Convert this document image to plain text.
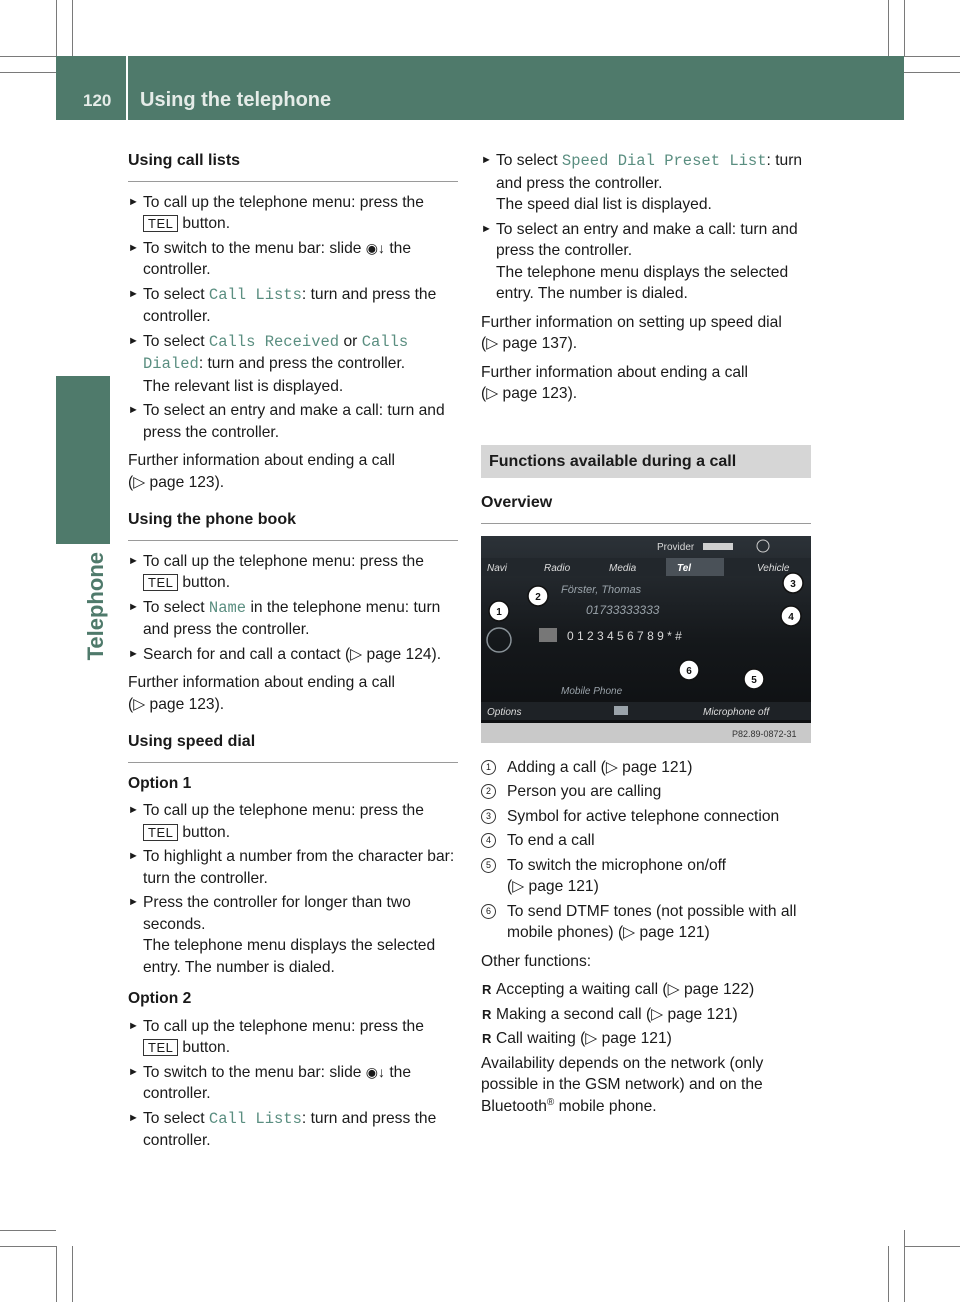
120 Using the telephone
Telephone
Using call lists
► To call up the telephone menu: press the
TEL button.
► To switch to the menu bar: slide ◉↓ the controller.
► To select Call Lists: turn and press the controller.
► To select Calls Received or Calls Dialed: turn and press the controller.
The relevant list is displayed.
► To select an entry and make a call: turn and press the controller.
Further information about ending a call
(▷ page 123).
Using the phone book
► To call up the telephone menu: press the
TEL button.
► To select Name in the telephone menu: turn and press the controller.
► Search for and call a contact (▷ page 124).
Further information about ending a call
(▷ page 123).
Using speed dial
Option 1
► To call up the telephone menu: press the
TEL button.
► To highlight a number from the character bar: turn the controller.
► Press the controller for longer than two seconds.
The telephone menu displays the selected entry. The number is dialed.
Option 2
► To call up the telephone menu: press the
TEL button.
► To switch to the menu bar: slide ◉↓ the controller.
► To select Call Lists: turn and press the controller.
► To select Speed Dial Preset List: turn and press the controller.
The speed dial list is displayed.
► To select an entry and make a call: turn and press the controller.
The telephone menu displays the selected entry. The number is dialed.
Further information on setting up speed dial
(▷ page 137).
Further information about ending a call
(▷ page 123).
Functions available during a call
Overview
Provider
Navi	Radio	Media	Tel	Vehicle
Förster, Thomas
01733333333
0 1 2 3 4 5 6 7 8 9 * #
Mobile Phone
Options	Microphone off
P82.89-0872-31
1
2
3
4
5
6
1	Adding a call (▷ page 121)
2	Person you are calling
3	Symbol for active telephone connection
4	To end a call
5	To switch the microphone on/off
(▷ page 121)
6	To send DTMF tones (not possible with all mobile phones) (▷ page 121)
Other functions:
R Accepting a waiting call (▷ page 122)
R Making a second call (▷ page 121)
R Call waiting (▷ page 121)
Availability depends on the network (only possible in the GSM network) and on the Bluetooth® mobile phone.
